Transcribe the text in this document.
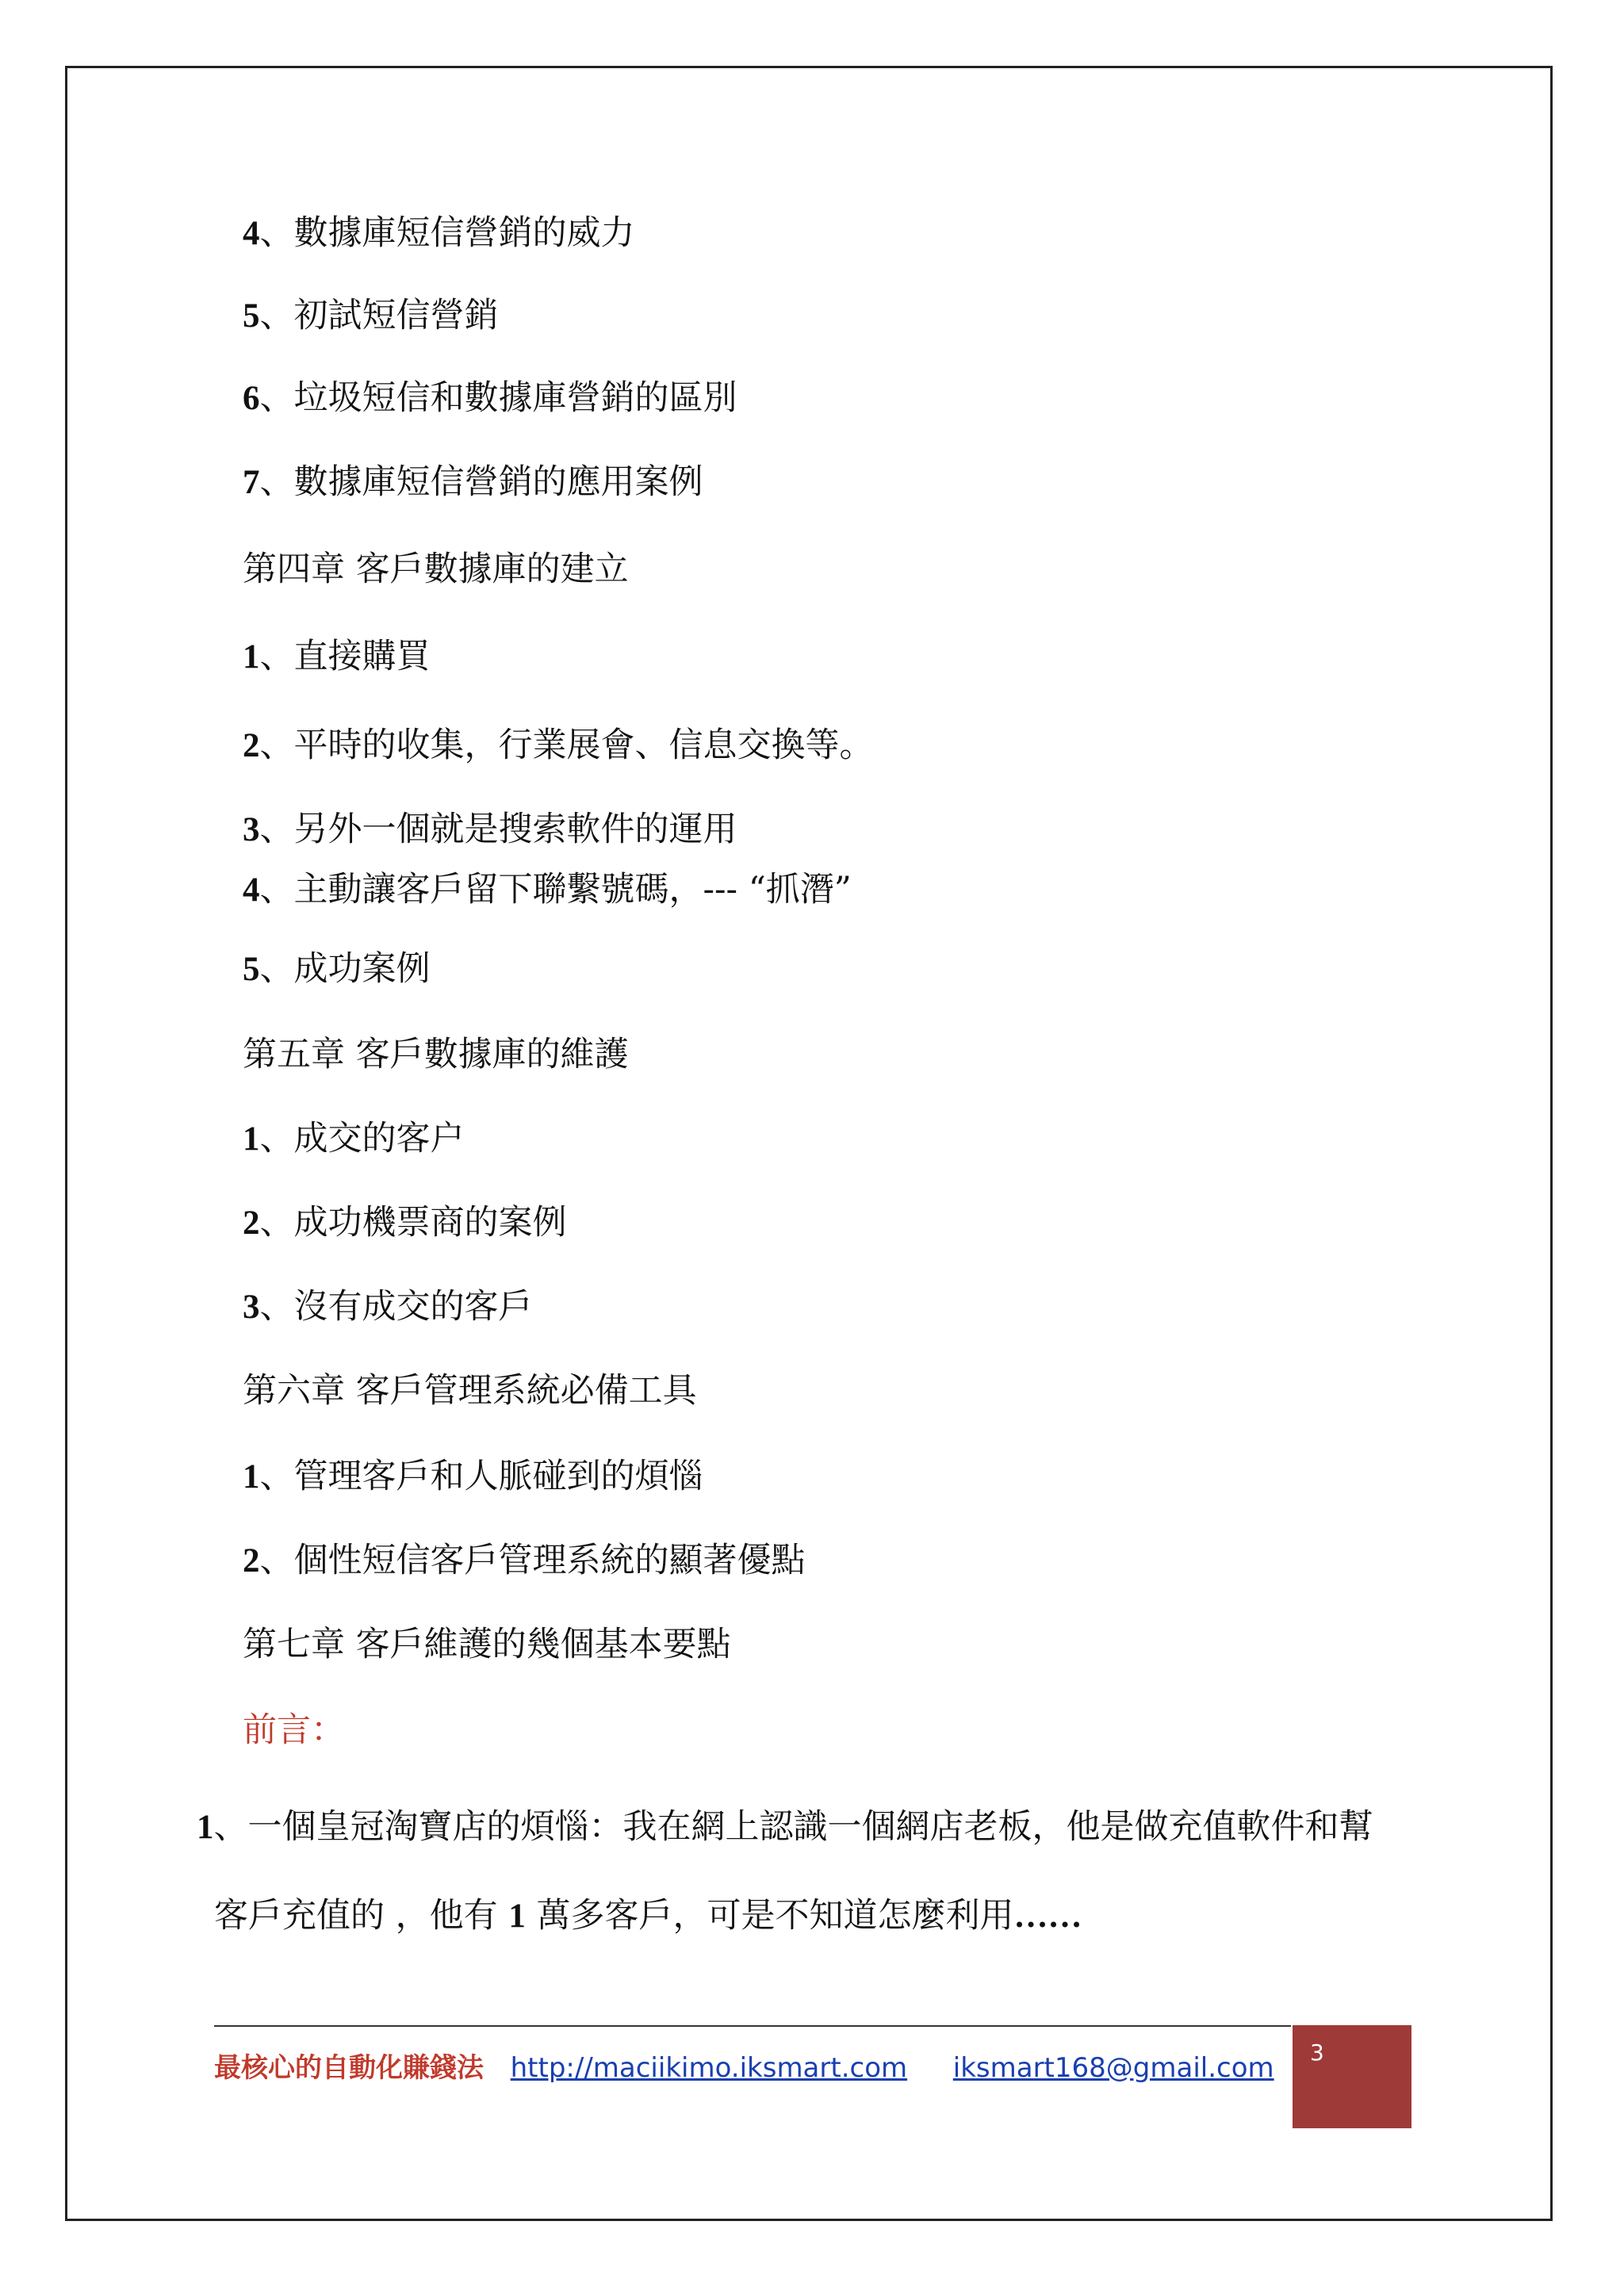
4、數據庫短信營銷的威力
5、初試短信營銷
6、垃圾短信和數據庫營銷的區別
7、數據庫短信營銷的應用案例
第四章 客戶數據庫的建立
1、直接購買
2、平時的收集，行業展會、信息交換等。
3、另外一個就是搜索軟件的運用
4、主動讓客戶留下聯繫號碼，--- “抓潛”
5、成功案例
第五章 客戶數據庫的維護
1、成交的客户
2、成功機票商的案例
3、沒有成交的客戶
第六章 客戶管理系統必備工具
1、管理客戶和人脈碰到的煩惱
2、個性短信客戶管理系統的顯著優點
第七章 客戶維護的幾個基本要點
前言：
1、一個皇冠淘寶店的煩惱：我在網上認識一個網店老板，他是做充值軟件和幫
客戶充值的 ，他有 1 萬多客戶，可是不知道怎麼利用……
最核心的自動化賺錢法 http://maciikimo.iksmart.com iksmart168@gmail.com	3
